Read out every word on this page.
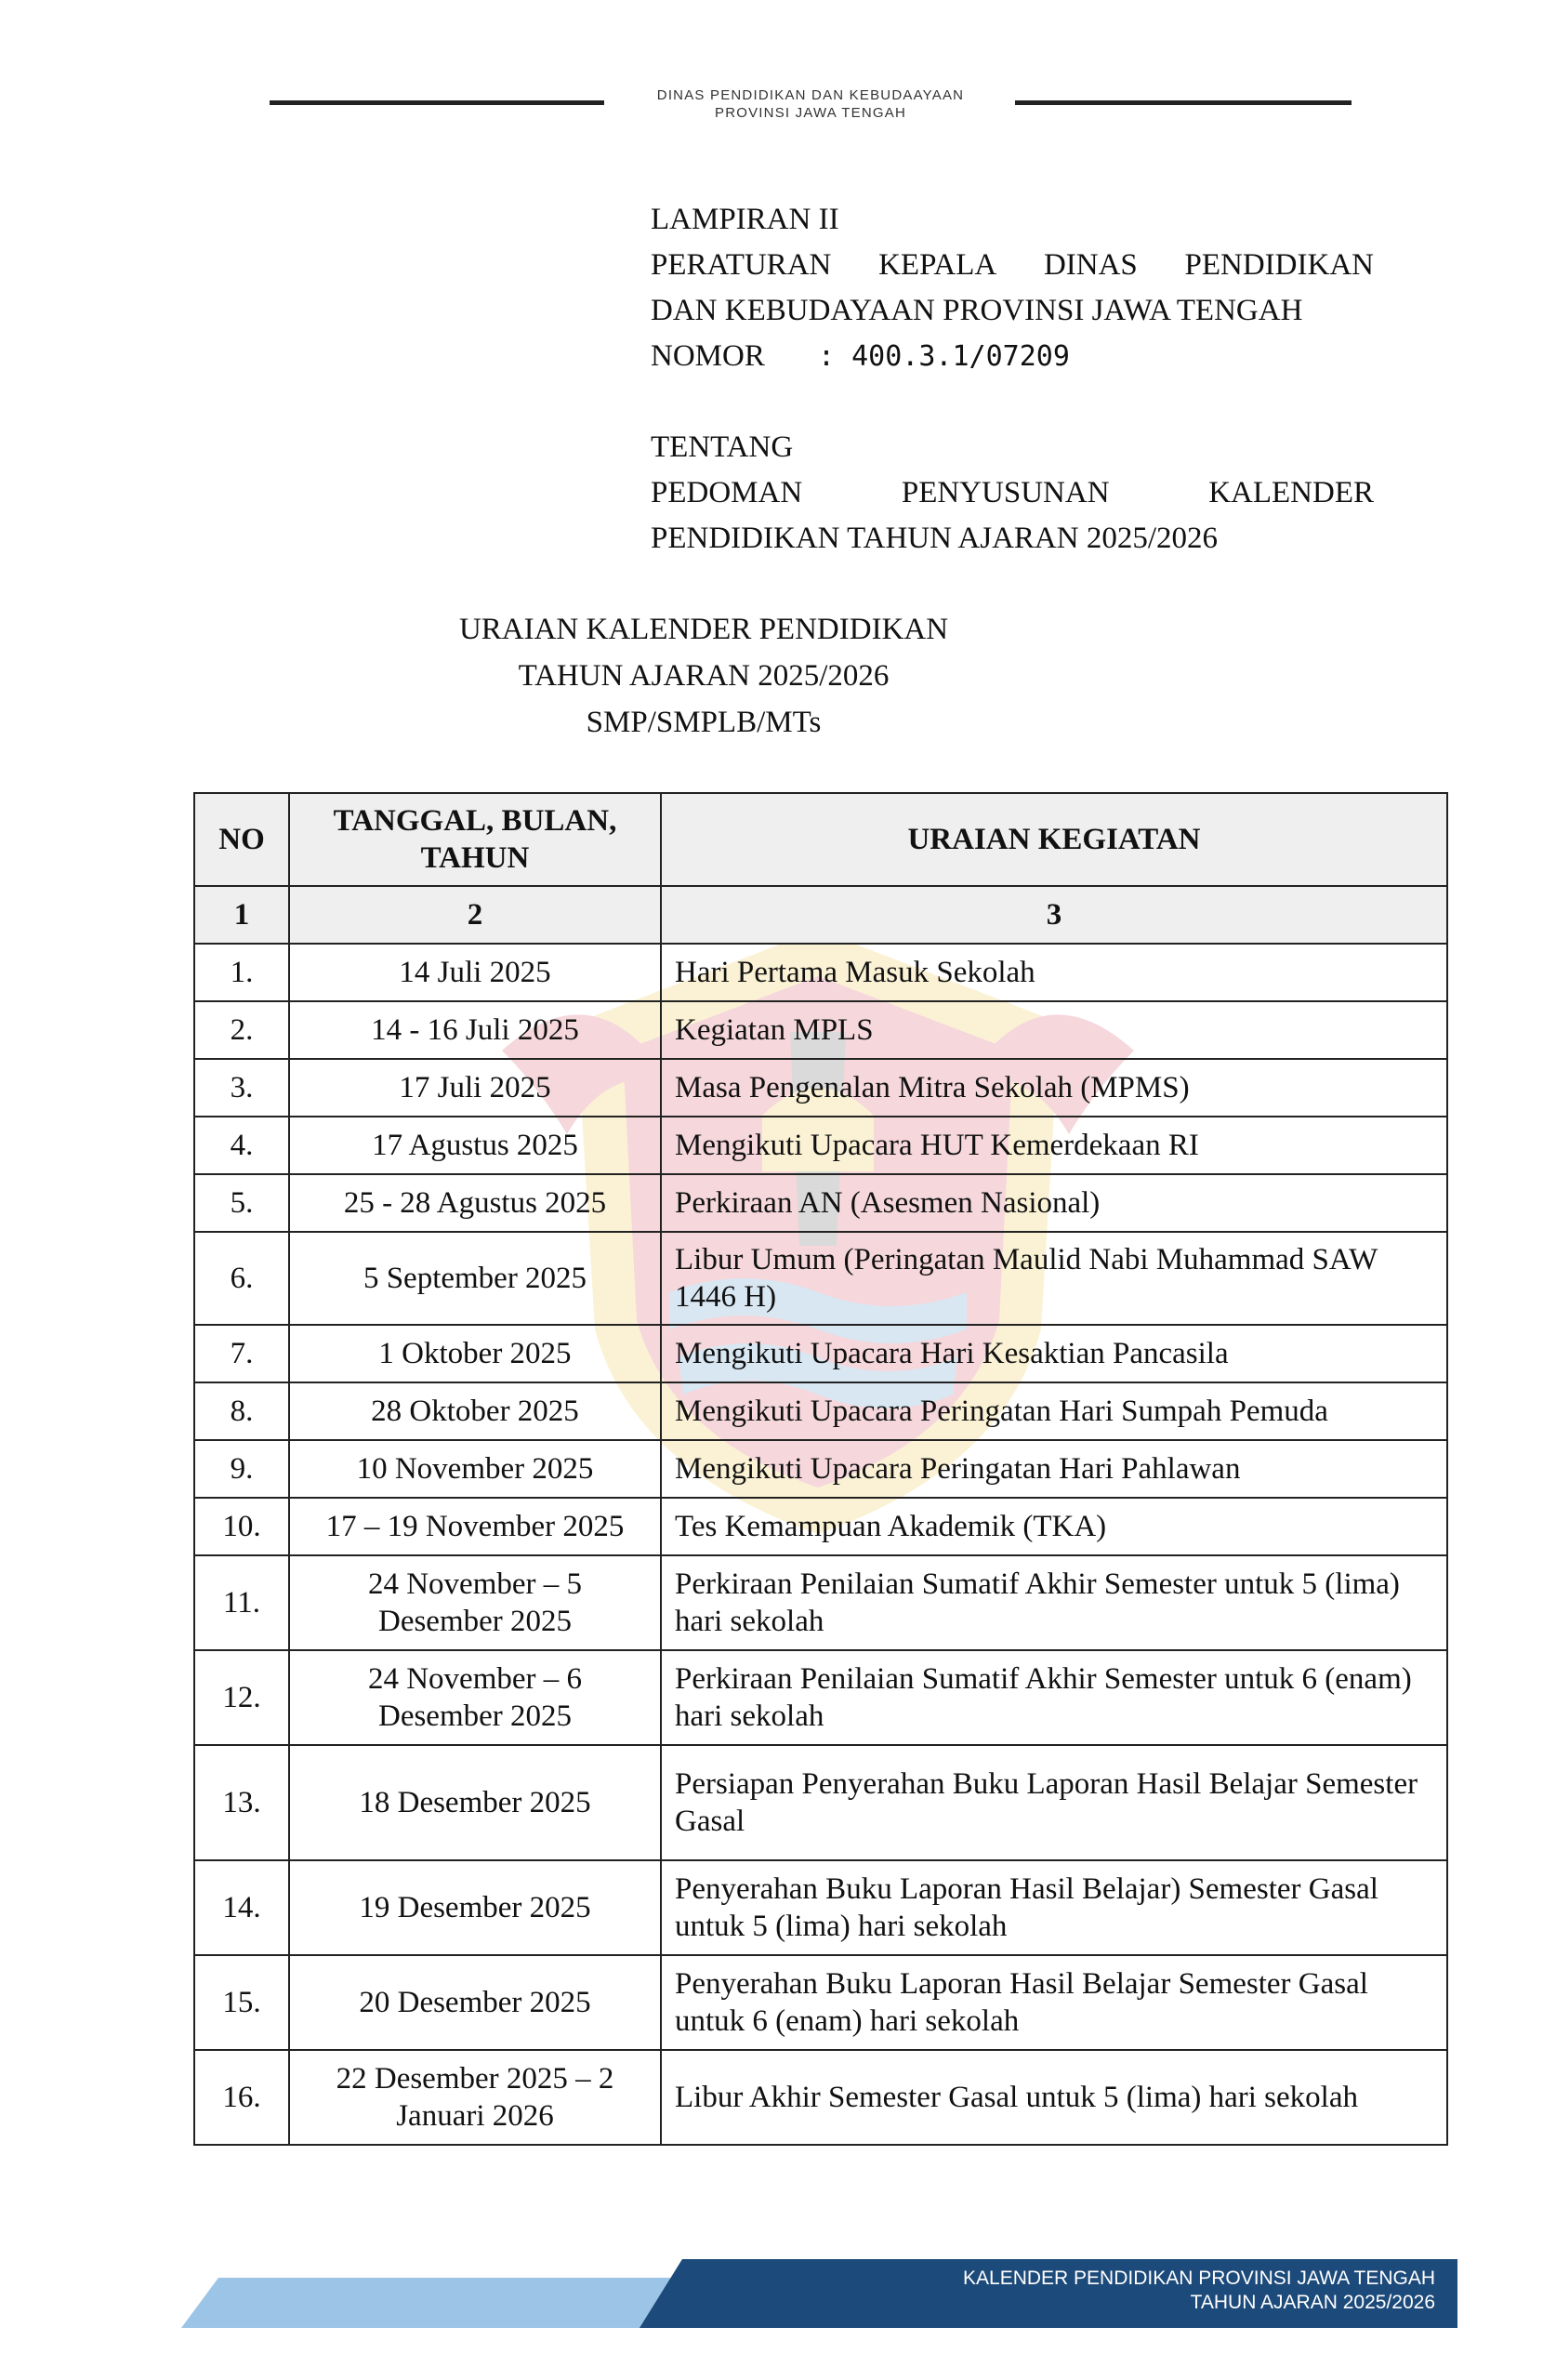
DINAS PENDIDIKAN DAN KEBUDAAYAAN
PROVINSI JAWA TENGAH
LAMPIRAN II
PERATURAN KEPALA DINAS PENDIDIKAN
DAN KEBUDAYAAN PROVINSI JAWA TENGAH
NOMOR : 400.3.1/07209
TENTANG
PEDOMAN	PENYUSUNAN	KALENDER
PENDIDIKAN TAHUN AJARAN 2025/2026
URAIAN KALENDER PENDIDIKAN
TAHUN AJARAN 2025/2026
SMP/SMPLB/MTs
NO	TANGGAL, BULAN, TAHUN	URAIAN KEGIATAN
1	2	3
1.	14 Juli 2025	Hari Pertama Masuk Sekolah
2.	14 - 16 Juli 2025	Kegiatan MPLS
3.	17 Juli 2025	Masa Pengenalan Mitra Sekolah (MPMS)
4.	17 Agustus 2025	Mengikuti Upacara HUT Kemerdekaan RI
5.	25 - 28 Agustus 2025	Perkiraan AN (Asesmen Nasional)
6.	5 September 2025	Libur Umum (Peringatan Maulid Nabi Muhammad SAW 1446 H)
7.	1 Oktober 2025	Mengikuti Upacara Hari Kesaktian Pancasila
8.	28 Oktober 2025	Mengikuti Upacara Peringatan Hari Sumpah Pemuda
9.	10 November 2025	Mengikuti Upacara Peringatan Hari Pahlawan
10.	17 – 19 November 2025	Tes Kemampuan Akademik (TKA)
11.	24 November – 5 Desember 2025	Perkiraan Penilaian Sumatif Akhir Semester untuk 5 (lima) hari sekolah
12.	24 November – 6 Desember 2025	Perkiraan Penilaian Sumatif Akhir Semester untuk 6 (enam) hari sekolah
13.	18 Desember 2025	Persiapan Penyerahan Buku Laporan Hasil Belajar Semester Gasal
14.	19 Desember 2025	Penyerahan Buku Laporan Hasil Belajar) Semester Gasal untuk 5 (lima) hari sekolah
15.	20 Desember 2025	Penyerahan Buku Laporan Hasil Belajar Semester Gasal untuk 6 (enam) hari sekolah
16.	22 Desember 2025 – 2 Januari 2026	Libur Akhir Semester Gasal untuk 5 (lima) hari sekolah
KALENDER PENDIDIKAN PROVINSI JAWA TENGAH
TAHUN AJARAN 2025/2026
